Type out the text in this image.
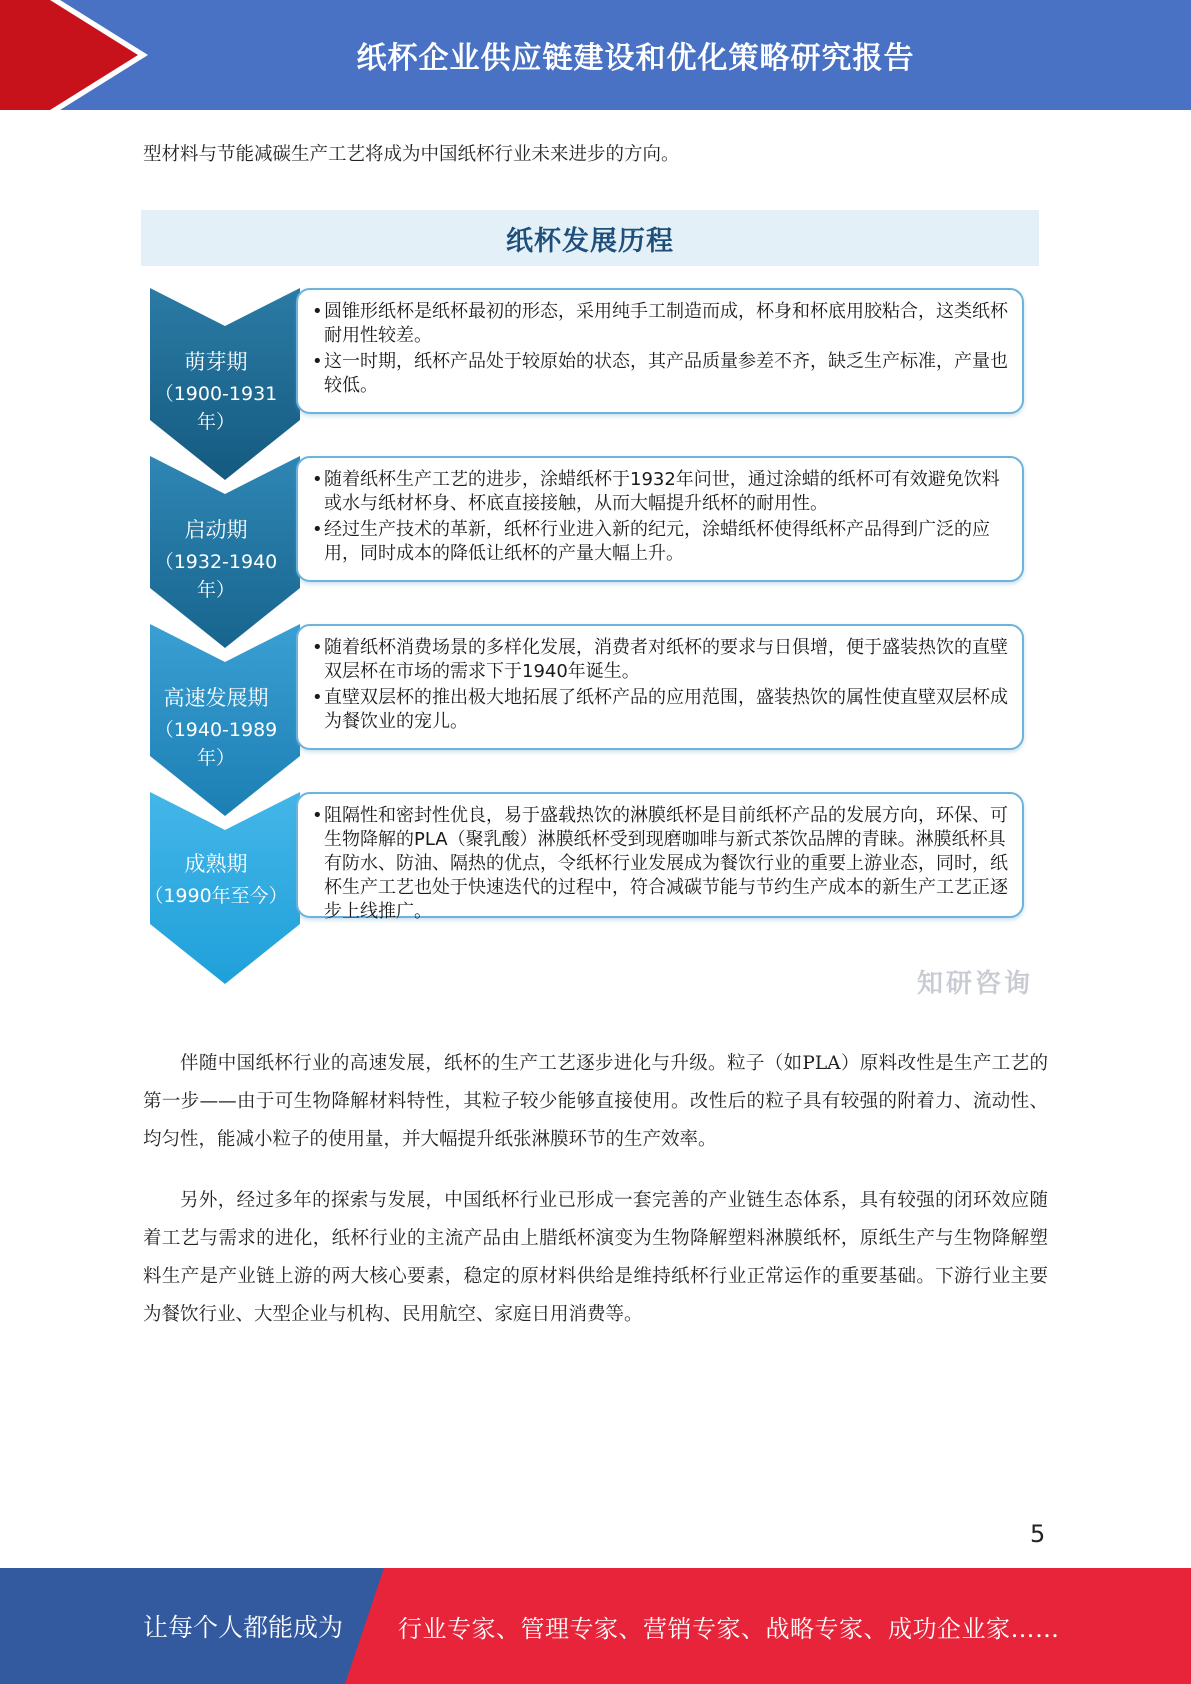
纸杯企业供应链建设和优化策略研究报告

型材料与节能减碳生产工艺将成为中国纸杯行业未来进步的方向。

纸杯发展历程
萌芽期
（1900-1931年）

• 圆锥形纸杯是纸杯最初的形态，采用纯手工制造而成，杯身和杯底用胶粘合，这类纸杯耐用性较差。

• 这一时期，纸杯产品处于较原始的状态，其产品质量参差不齐，缺乏生产标准，产量也较低。

启动期
（1932-1940年）

• 随着纸杯生产工艺的进步，涂蜡纸杯于1932年问世，通过涂蜡的纸杯可有效避免饮料或水与纸材杯身、杯底直接接触，从而大幅提升纸杯的耐用性。

• 经过生产技术的革新，纸杯行业进入新的纪元，涂蜡纸杯使得纸杯产品得到广泛的应用，同时成本的降低让纸杯的产量大幅上升。

高速发展期
（1940-1989年）

• 随着纸杯消费场景的多样化发展，消费者对纸杯的要求与日俱增，便于盛装热饮的直壁双层杯在市场的需求下于1940年诞生。

• 直壁双层杯的推出极大地拓展了纸杯产品的应用范围，盛装热饮的属性使直壁双层杯成为餐饮业的宠儿。

成熟期
（1990年至今）

• 阻隔性和密封性优良，易于盛载热饮的淋膜纸杯是目前纸杯产品的发展方向，环保、可生物降解的PLA（聚乳酸）淋膜纸杯受到现磨咖啡与新式茶饮品牌的青睐。淋膜纸杯具有防水、防油、隔热的优点，令纸杯行业发展成为餐饮行业的重要上游业态，同时，纸杯生产工艺也处于快速迭代的过程中，符合减碳节能与节约生产成本的新生产工艺正逐步上线推广。

知研咨询

伴随中国纸杯行业的高速发展，纸杯的生产工艺逐步进化与升级。粒子（如PLA）原料改性是生产工艺的第一步——由于可生物降解材料特性，其粒子较少能够直接使用。改性后的粒子具有较强的附着力、流动性、均匀性，能减小粒子的使用量，并大幅提升纸张淋膜环节的生产效率。

另外，经过多年的探索与发展，中国纸杯行业已形成一套完善的产业链生态体系，具有较强的闭环效应随着工艺与需求的进化，纸杯行业的主流产品由上腊纸杯演变为生物降解塑料淋膜纸杯，原纸生产与生物降解塑料生产是产业链上游的两大核心要素，稳定的原材料供给是维持纸杯行业正常运作的重要基础。下游行业主要为餐饮行业、大型企业与机构、民用航空、家庭日用消费等。

5
让每个人都能成为 行业专家、管理专家、营销专家、战略专家、成功企业家……
